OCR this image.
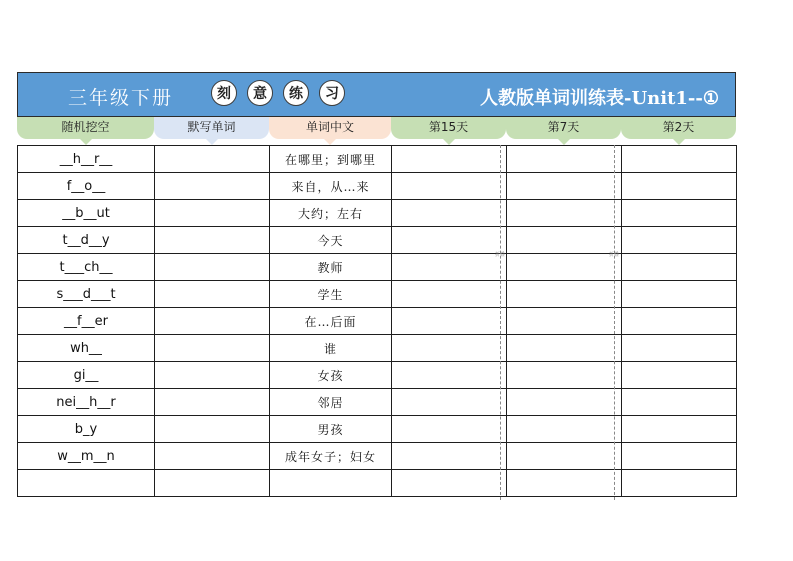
三年级下册	刻	意	练	习	人教版单词训练表-Unit1--①
随机挖空	默写单词	单词中文	第15天	第7天	第2天
__h__r__		在哪里；到哪里			
f__o__		来自，从…来			
__b__ut		大约；左右			
t__d__y		今天			
t___ch__		教师			
s___d___t		学生			
__f__er		在…后面			
wh__		谁			
gi__		女孩			
nei__h__r		邻居			
b_y		男孩			
w__m__n		成年女子；妇女			

折叠	折叠
